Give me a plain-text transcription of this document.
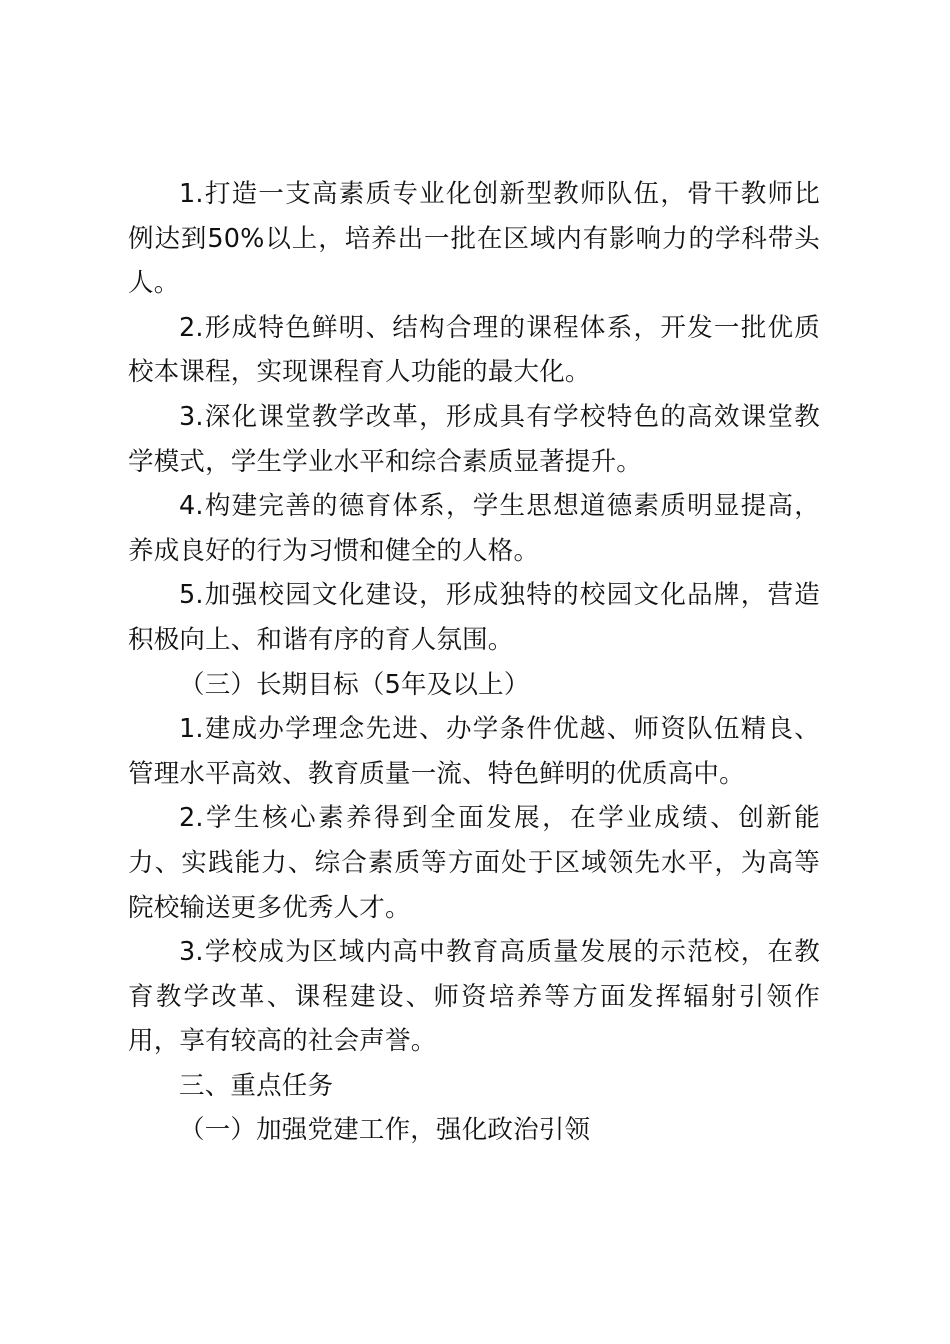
1.打造一支高素质专业化创新型教师队伍，骨干教师比例达到50%以上，培养出一批在区域内有影响力的学科带头人。

2.形成特色鲜明、结构合理的课程体系，开发一批优质校本课程，实现课程育人功能的最大化。

3.深化课堂教学改革，形成具有学校特色的高效课堂教学模式，学生学业水平和综合素质显著提升。

4.构建完善的德育体系，学生思想道德素质明显提高，养成良好的行为习惯和健全的人格。

5.加强校园文化建设，形成独特的校园文化品牌，营造积极向上、和谐有序的育人氛围。

（三）长期目标（5年及以上）

1.建成办学理念先进、办学条件优越、师资队伍精良、管理水平高效、教育质量一流、特色鲜明的优质高中。

2.学生核心素养得到全面发展，在学业成绩、创新能力、实践能力、综合素质等方面处于区域领先水平，为高等院校输送更多优秀人才。

3.学校成为区域内高中教育高质量发展的示范校，在教育教学改革、课程建设、师资培养等方面发挥辐射引领作用，享有较高的社会声誉。

三、重点任务

（一）加强党建工作，强化政治引领
